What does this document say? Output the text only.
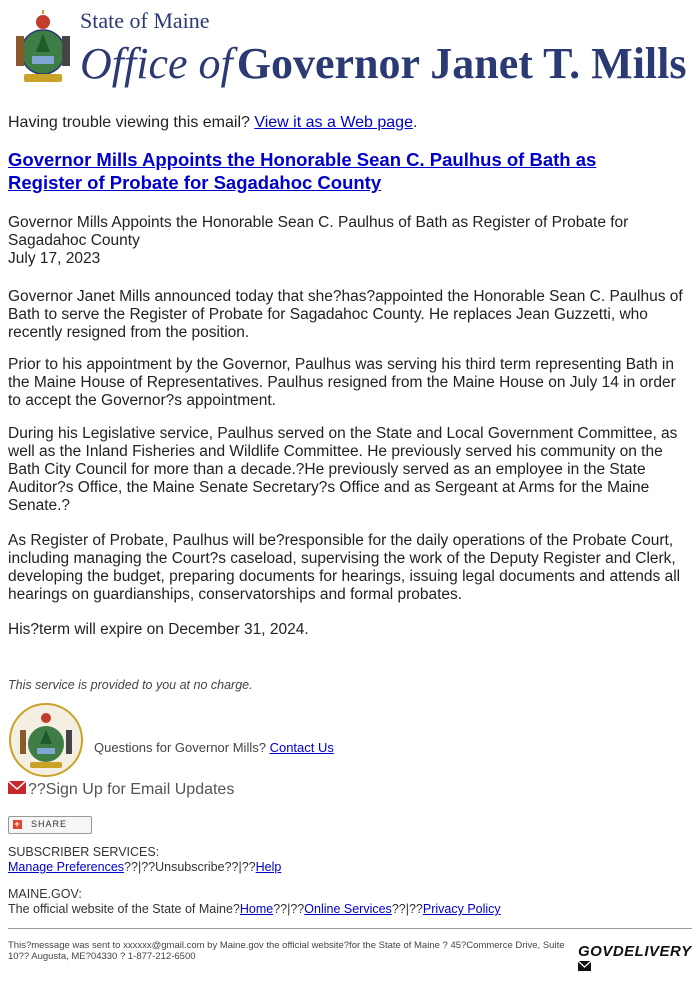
State of Maine
Office of Governor Janet T. Mills
Having trouble viewing this email? View it as a Web page.
Governor Mills Appoints the Honorable Sean C. Paulhus of Bath as Register of Probate for Sagadahoc County
Governor Mills Appoints the Honorable Sean C. Paulhus of Bath as Register of Probate for Sagadahoc County
July 17, 2023
Governor Janet Mills announced today that she?has?appointed the Honorable Sean C. Paulhus of Bath to serve the Register of Probate for Sagadahoc County. He replaces Jean Guzzetti, who recently resigned from the position.
Prior to his appointment by the Governor, Paulhus was serving his third term representing Bath in the Maine House of Representatives. Paulhus resigned from the Maine House on July 14 in order to accept the Governor?s appointment.
During his Legislative service, Paulhus served on the State and Local Government Committee, as well as the Inland Fisheries and Wildlife Committee. He previously served his community on the Bath City Council for more than a decade.?He previously served as an employee in the State Auditor?s Office, the Maine Senate Secretary?s Office and as Sergeant at Arms for the Maine Senate.?
As Register of Probate, Paulhus will be?responsible for the daily operations of the Probate Court, including managing the Court?s caseload, supervising the work of the Deputy Register and Clerk, developing the budget, preparing documents for hearings, issuing legal documents and attends all hearings on guardianships, conservatorships and formal probates.
His?term will expire on December 31, 2024.
This service is provided to you at no charge.
Questions for Governor Mills? Contact Us
??Sign Up for Email Updates
+ SHARE
SUBSCRIBER SERVICES:
Manage Preferences??|??Unsubscribe??|??Help
MAINE.GOV:
The official website of the State of Maine?Home??|??Online Services??|??Privacy Policy
This?message was sent to xxxxxx@gmail.com by Maine.gov the official website?for the State of Maine ? 45?Commerce Drive, Suite 10?? Augusta, ME?04330 ? 1-877-212-6500	GOVDELIVERY
